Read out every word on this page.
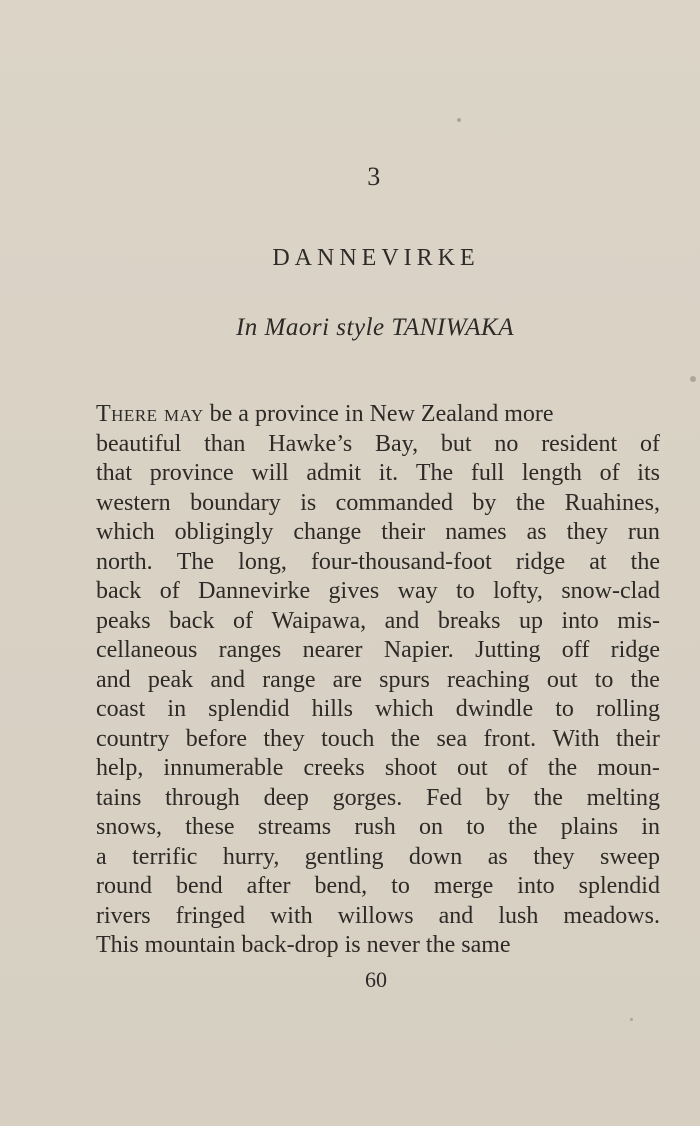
3
DANNEVIRKE
In Maori style TANIWAKA
There may be a province in New Zealand more
beautiful than Hawke’s Bay, but no resident of
that province will admit it. The full length of its
western boundary is commanded by the Ruahines,
which obligingly change their names as they run
north. The long, four-thousand-foot ridge at the
back of Dannevirke gives way to lofty, snow-clad
peaks back of Waipawa, and breaks up into mis-
cellaneous ranges nearer Napier. Jutting off ridge
and peak and range are spurs reaching out to the
coast in splendid hills which dwindle to rolling
country before they touch the sea front. With their
help, innumerable creeks shoot out of the moun-
tains through deep gorges. Fed by the melting
snows, these streams rush on to the plains in
a terrific hurry, gentling down as they sweep
round bend after bend, to merge into splendid
rivers fringed with willows and lush meadows.
This mountain back-drop is never the same
60
